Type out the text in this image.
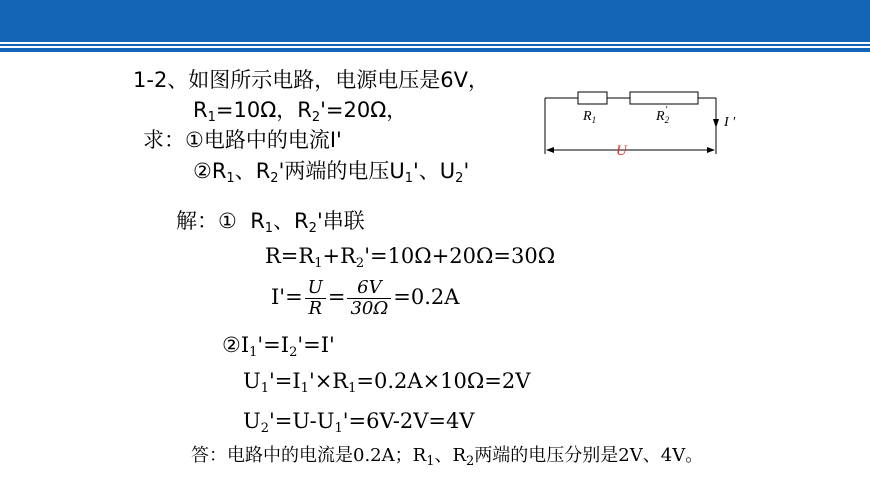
1-2、如图所示电路，电源电压是6V，
$R_1=10\Omega$，$R_2'=20\Omega$，
求：①电路中的电流I'
$②R_1$、$R_2'$两端的电压$U_1'$、$U_2'$
$R_1$	$R_2'$
I '
U
解：① $R_1$、$R_2'$串联
$R=R_1+R_2'=10\Omega+20\Omega=30\Omega$
$I'= \frac{U}{R} = \frac{6V}{30\Omega} =0.2A$
$②I_1'=I_2'=I'$
$U_1'=I_1'\times R_1=0.2A\times 10\Omega=2V$
$U_2'=U-U_1'=6V-2V=4V$
答：电路中的电流是0.2A；$R_1$、$R_2$两端的电压分别是2V、4V。
